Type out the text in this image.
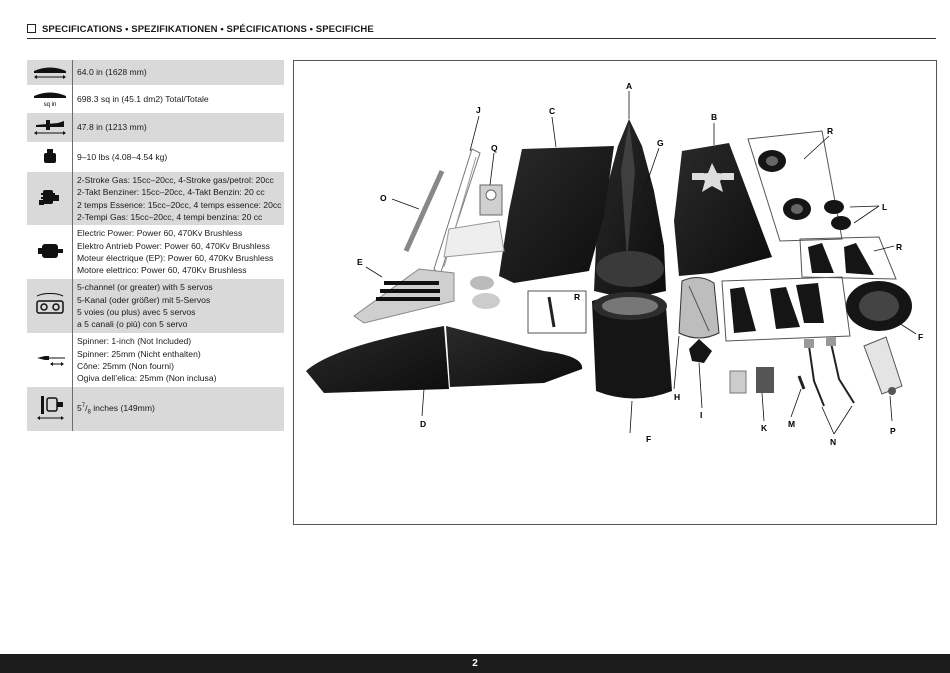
SPECIFICATIONS • SPEZIFIKATIONEN • SPÉCIFICATIONS • SPECIFICHE
	64.0 in (1628 mm)

sq in	698.3 sq in (45.1 dm2) Total/Totale
	47.8 in (1213 mm)
	9–10 lbs (4.08–4.54 kg)

2-Stroke Gas: 15cc–20cc, 4-Stroke gas/petrol: 20cc
2-Takt Benziner: 15cc–20cc, 4-Takt Benzin: 20 cc
2 temps Essence: 15cc–20cc, 4 temps essence: 20cc
2-Tempi Gas: 15cc–20cc, 4 tempi benzina: 20 cc

Electric Power: Power 60, 470Kv Brushless
Elektro Antrieb Power: Power 60, 470Kv Brushless
Moteur électrique (EP): Power 60, 470Kv Brushless
Motore elettrico: Power 60, 470Kv Brushless

5-channel (or greater) with 5 servos
5-Kanal (oder größer) mit 5-Servos
5 voies (ou plus) avec 5 servos
a 5 canali (o più) con 5 servo

Spinner: 1-inch (Not Included)
Spinner: 25mm (Nicht enthalten)
Cône: 25mm (Non fourni)
Ogiva dell’elica: 25mm (Non inclusa)

	$5^7/_8$ inches (149mm)
A
B
C
J
Q
O
E
G
R
L
R
R
F
F
H
I
K M
N
P
D
2
